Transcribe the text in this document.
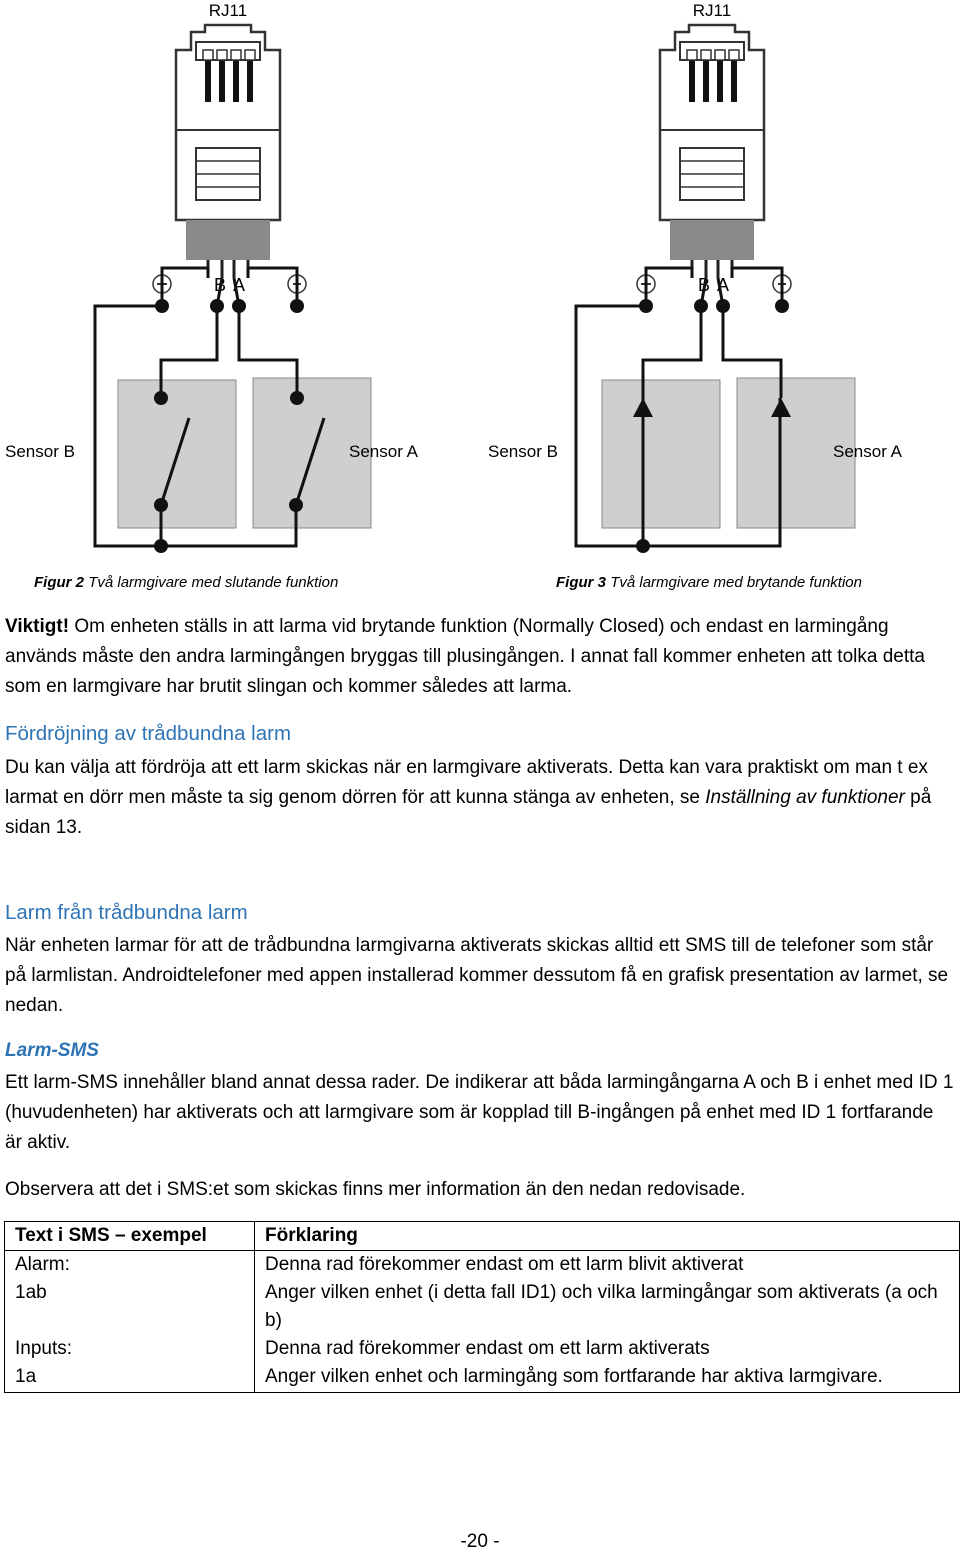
RJ11
B A
Sensor B	Sensor A
RJ11
B A
Sensor B	Sensor A
Figur 2 Två larmgivare med slutande funktion	Figur 3 Två larmgivare med brytande funktion

Viktigt! Om enheten ställs in att larma vid brytande funktion (Normally Closed) och endast en larmingång används måste den andra larmingången bryggas till plusingången. I annat fall kommer enheten att tolka detta som en larmgivare har brutit slingan och kommer således att larma.

Fördröjning av trådbundna larm

Du kan välja att fördröja att ett larm skickas när en larmgivare aktiverats. Detta kan vara praktiskt om man t ex larmat en dörr men måste ta sig genom dörren för att kunna stänga av enheten, se Inställning av funktioner på sidan 13.

Larm från trådbundna larm

När enheten larmar för att de trådbundna larmgivarna aktiverats skickas alltid ett SMS till de telefoner som står på larmlistan. Androidtelefoner med appen installerad kommer dessutom få en grafisk presentation av larmet, se nedan.

Larm-SMS

Ett larm-SMS innehåller bland annat dessa rader. De indikerar att båda larmingångarna A och B i enhet med ID 1 (huvudenheten) har aktiverats och att larmgivare som är kopplad till B-ingången på enhet med ID 1 fortfarande är aktiv.

Observera att det i SMS:et som skickas finns mer information än den nedan redovisade.

Text i SMS – exempel	Förklaring
Alarm:	Denna rad förekommer endast om ett larm blivit aktiverat
1ab	Anger vilken enhet (i detta fall ID1) och vilka larmingångar som aktiverats (a och b)
Inputs:	Denna rad förekommer endast om ett larm aktiverats
1a	Anger vilken enhet och larmingång som fortfarande har aktiva larmgivare.
-20 -
